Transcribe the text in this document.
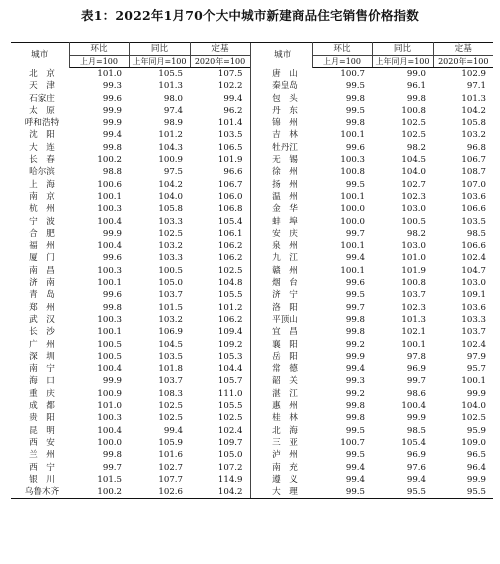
表1：2022年1月70个大中城市新建商品住宅销售价格指数
城市	环比	同比	定基		城市	环比	同比	定基
	上月=100	上年同月=100	2020年=100			上月=100	上年同月=100	2020年=100
北　京	101.0	105.5	107.5		唐　山	100.7	99.0	102.9
天　津	99.3	101.3	102.2		秦皇岛	99.5	96.1	97.1
石家庄	99.6	98.0	99.4		包　头	99.8	99.8	101.3
太　原	99.9	97.4	96.2		丹　东	99.5	100.8	104.2
呼和浩特	99.9	98.9	101.4		锦　州	99.8	102.5	105.8
沈　阳	99.4	101.2	103.5		吉　林	100.1	102.5	103.2
大　连	99.8	104.3	106.5		牡丹江	99.6	98.2	96.8
长　春	100.2	100.9	101.9		无　锡	100.3	104.5	106.7
哈尔滨	98.8	97.5	96.6		徐　州	100.8	104.0	108.7
上　海	100.6	104.2	106.7		扬　州	99.5	102.7	107.0
南　京	100.1	104.0	106.0		温　州	100.1	102.3	103.6
杭　州	100.3	105.8	106.8		金　华	100.0	103.0	106.6
宁　波	100.4	103.3	105.4		蚌　埠	100.0	100.5	103.5
合　肥	99.9	102.5	106.1		安　庆	99.7	98.2	98.5
福　州	100.4	103.2	106.2		泉　州	100.1	103.0	106.6
厦　门	99.6	103.3	106.2		九　江	99.4	101.0	102.4
南　昌	100.3	100.5	102.5		赣　州	100.1	101.9	104.7
济　南	100.1	105.0	104.8		烟　台	99.6	100.8	103.0
青　岛	99.6	103.7	105.5		济　宁	99.5	103.7	109.1
郑　州	99.8	101.5	101.2		洛　阳	99.7	102.3	103.6
武　汉	100.3	103.2	106.2		平顶山	99.8	101.3	103.3
长　沙	100.1	106.9	109.4		宜　昌	99.8	102.1	103.7
广　州	100.5	104.5	109.2		襄　阳	99.2	100.1	102.4
深　圳	100.5	103.5	105.3		岳　阳	99.9	97.8	97.9
南　宁	100.4	101.8	104.4		常　德	99.4	96.9	95.7
海　口	99.9	103.7	105.7		韶　关	99.3	99.7	100.1
重　庆	100.9	108.3	111.0		湛　江	99.2	98.6	99.9
成　都	101.0	102.5	105.5		惠　州	99.8	100.4	104.0
贵　阳	100.3	102.5	102.5		桂　林	99.8	99.9	102.5
昆　明	100.4	99.4	102.4		北　海	99.5	98.5	95.9
西　安	100.0	105.9	109.7		三　亚	100.7	105.4	109.0
兰　州	99.8	101.6	105.0		泸　州	99.5	96.9	96.5
西　宁	99.7	102.7	107.2		南　充	99.4	97.6	96.4
银　川	101.5	107.7	114.9		遵　义	99.4	99.4	99.9
乌鲁木齐	100.2	102.6	104.2		大　理	99.5	95.5	95.5
